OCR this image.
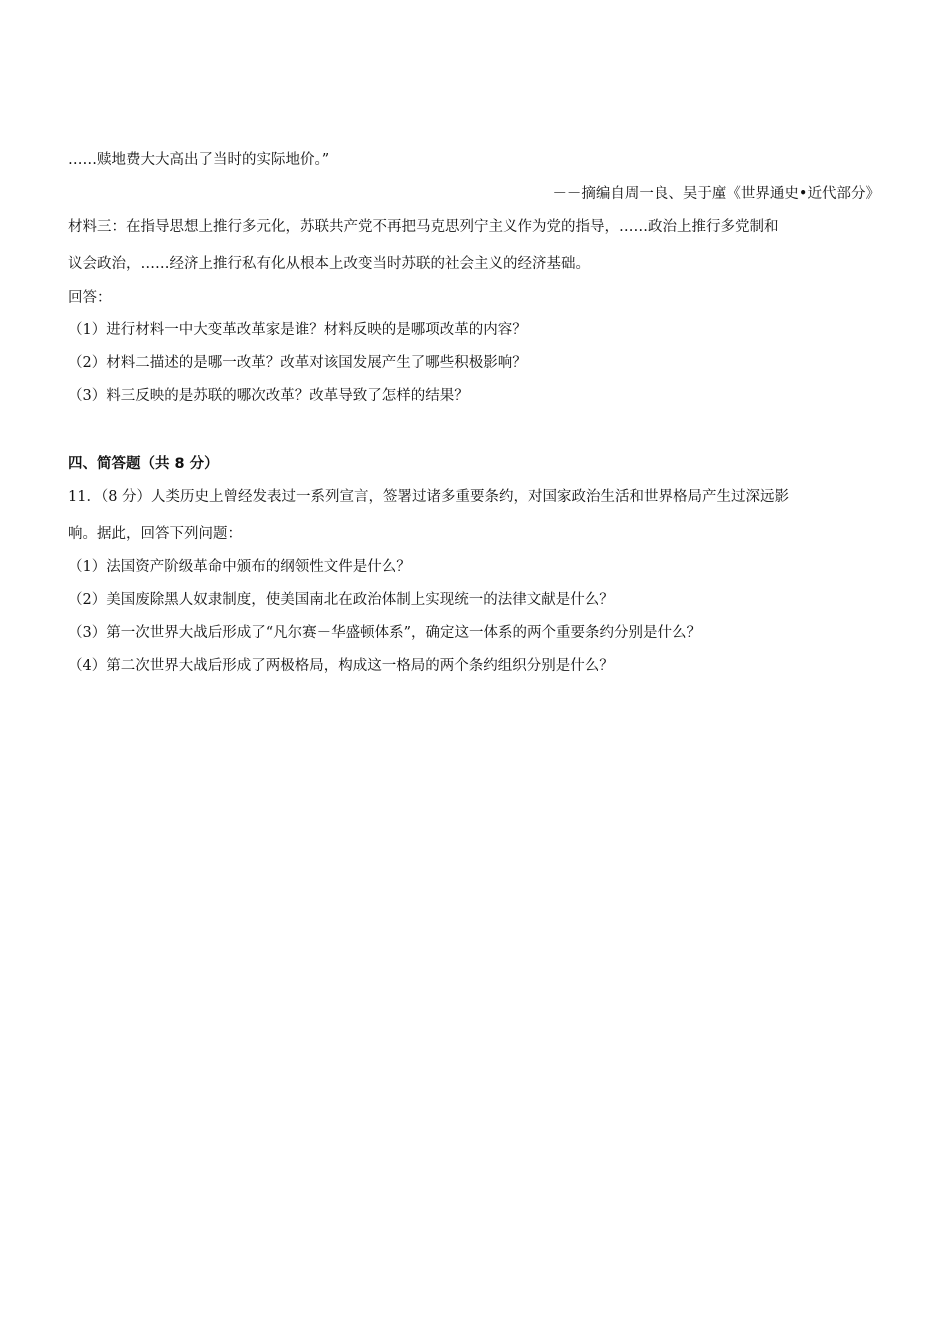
……赎地费大大高出了当时的实际地价。”
－－摘编自周一良、吴于廑《世界通史•近代部分》
材料三：在指导思想上推行多元化，苏联共产党不再把马克思列宁主义作为党的指导，……政治上推行多党制和
议会政治，……经济上推行私有化从根本上改变当时苏联的社会主义的经济基础。
回答：
（1）进行材料一中大变革改革家是谁？材料反映的是哪项改革的内容？
（2）材料二描述的是哪一改革？改革对该国发展产生了哪些积极影响？
（3）料三反映的是苏联的哪次改革？改革导致了怎样的结果？
四、简答题（共 8 分）
11．（8 分）人类历史上曾经发表过一系列宣言，签署过诸多重要条约，对国家政治生活和世界格局产生过深远影
响。据此，回答下列问题：
（1）法国资产阶级革命中颁布的纲领性文件是什么？
（2）美国废除黑人奴隶制度，使美国南北在政治体制上实现统一的法律文献是什么？
（3）第一次世界大战后形成了“凡尔赛－华盛顿体系”，确定这一体系的两个重要条约分别是什么？
（4）第二次世界大战后形成了两极格局，构成这一格局的两个条约组织分别是什么？
